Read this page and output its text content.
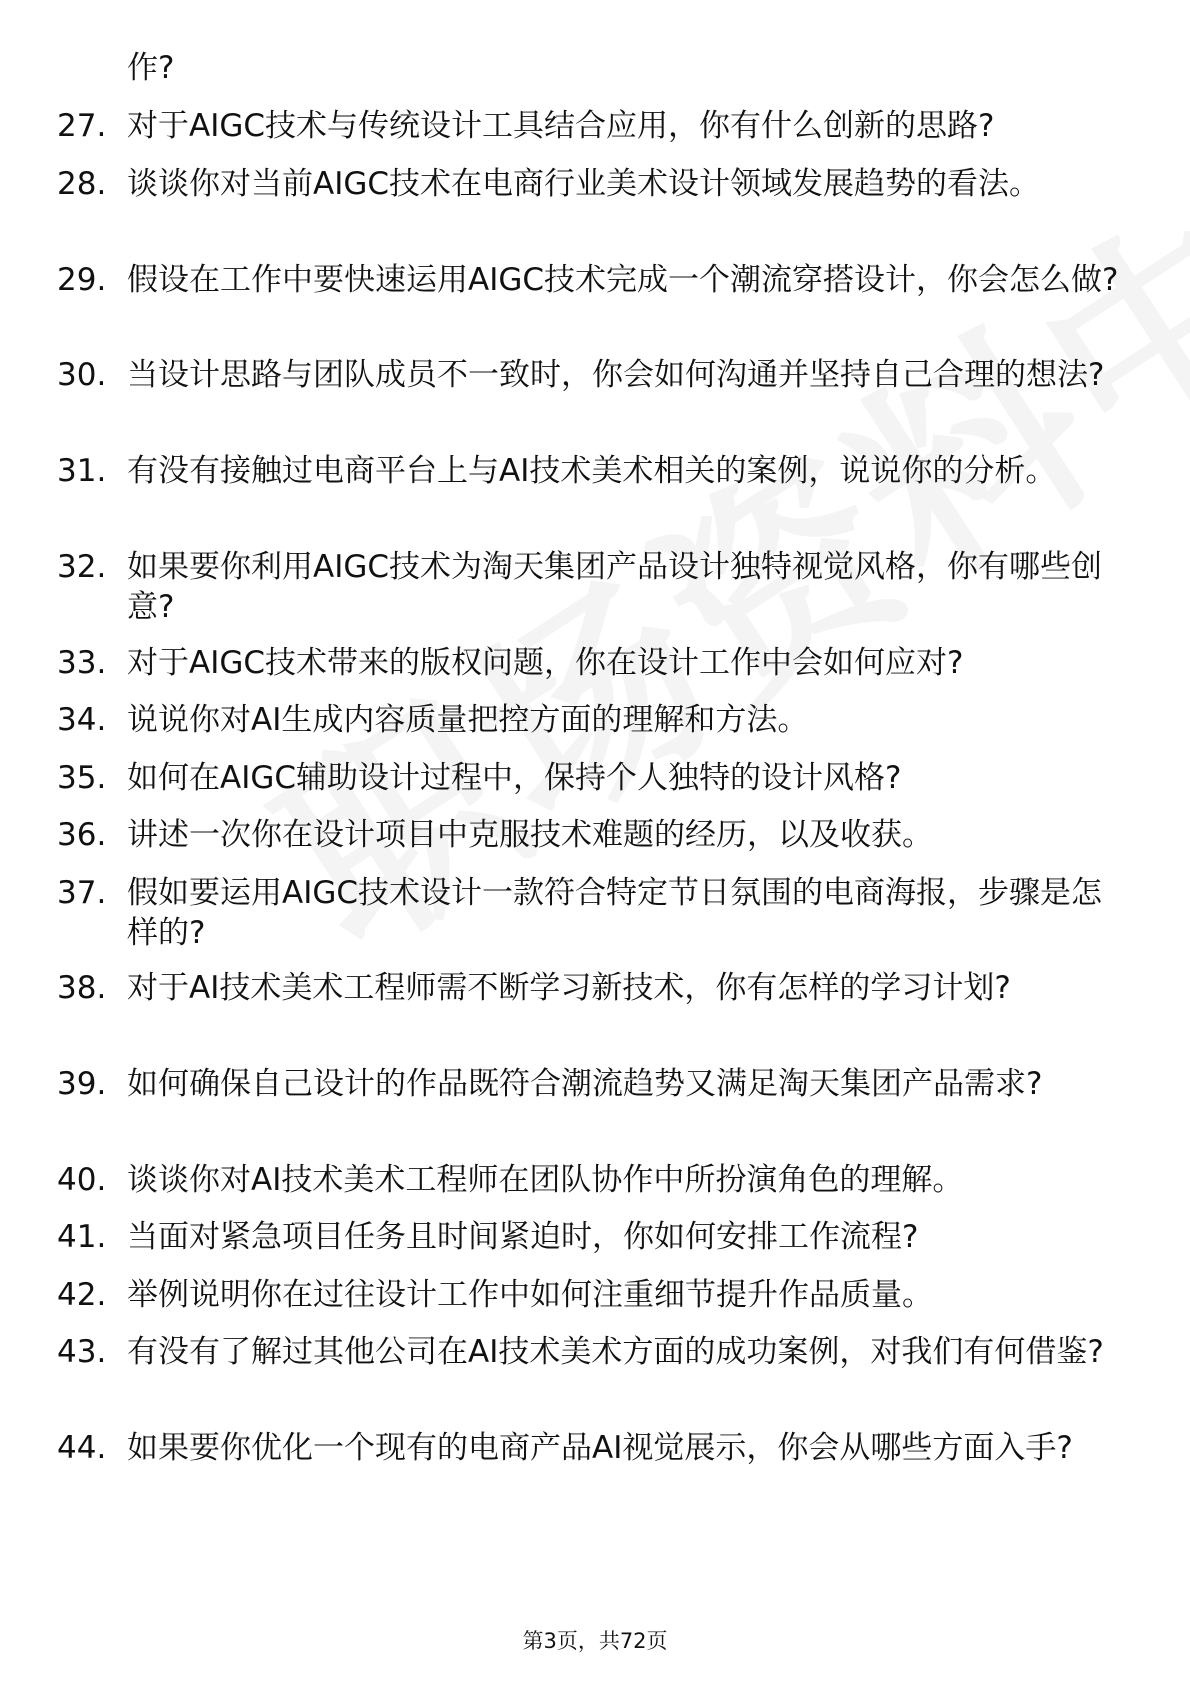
作?
27. 对于AIGC技术与传统设计工具结合应用，你有什么创新的思路?
28. 谈谈你对当前AIGC技术在电商行业美术设计领域发展趋势的看法。
29. 假设在工作中要快速运用AIGC技术完成一个潮流穿搭设计，你会怎么做?
30. 当设计思路与团队成员不一致时，你会如何沟通并坚持自己合理的想法?
31. 有没有接触过电商平台上与AI技术美术相关的案例，说说你的分析。
32. 如果要你利用AIGC技术为淘天集团产品设计独特视觉风格，你有哪些创意?
33. 对于AIGC技术带来的版权问题，你在设计工作中会如何应对?
34. 说说你对AI生成内容质量把控方面的理解和方法。
35. 如何在AIGC辅助设计过程中，保持个人独特的设计风格?
36. 讲述一次你在设计项目中克服技术难题的经历，以及收获。
37. 假如要运用AIGC技术设计一款符合特定节日氛围的电商海报，步骤是怎样的?
38. 对于AI技术美术工程师需不断学习新技术，你有怎样的学习计划?
39. 如何确保自己设计的作品既符合潮流趋势又满足淘天集团产品需求?
40. 谈谈你对AI技术美术工程师在团队协作中所扮演角色的理解。
41. 当面对紧急项目任务且时间紧迫时，你如何安排工作流程?
42. 举例说明你在过往设计工作中如何注重细节提升作品质量。
43. 有没有了解过其他公司在AI技术美术方面的成功案例，对我们有何借鉴?
44. 如果要你优化一个现有的电商产品AI视觉展示，你会从哪些方面入手?
第3页，共72页
